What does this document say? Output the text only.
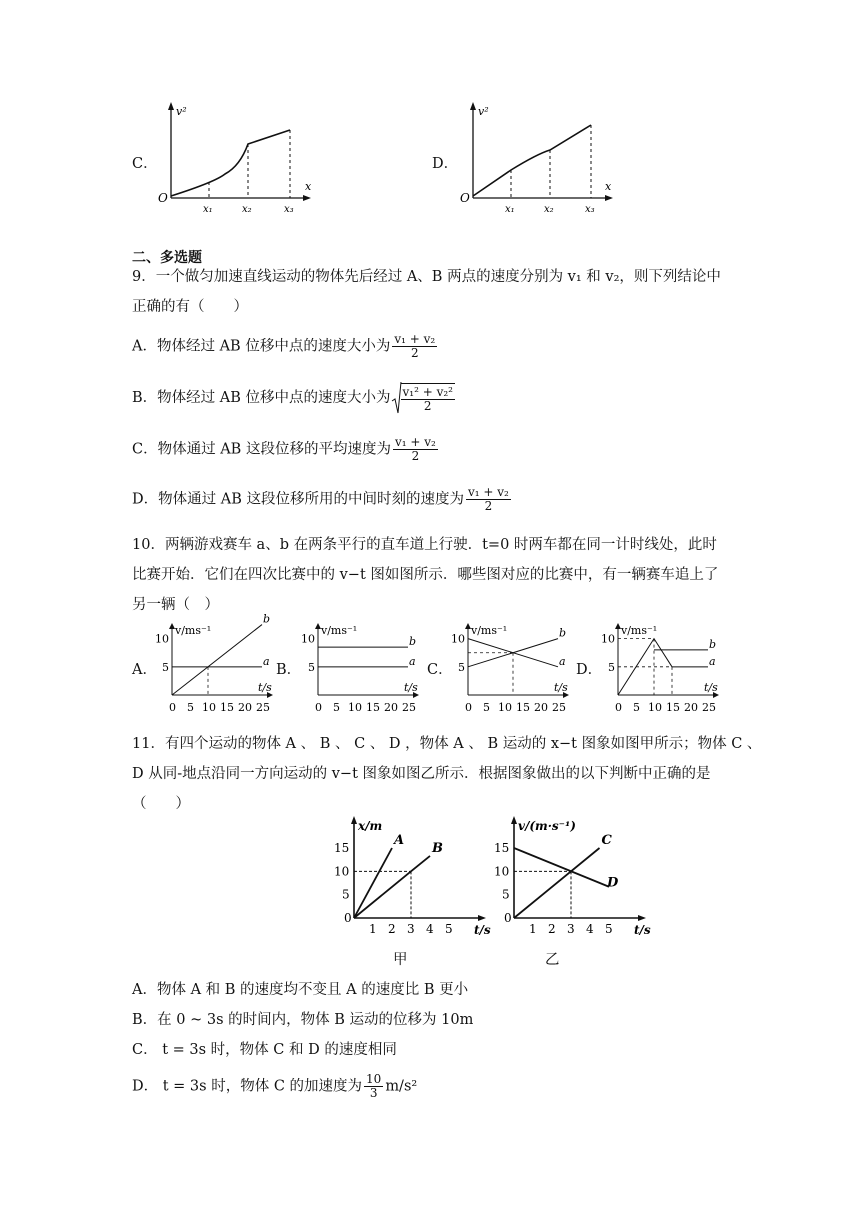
C．
v²
x
O
x₁	x₂	x₃
D．
v²
x
O
x₁	x₂	x₃
二、多选题
9．一个做匀加速直线运动的物体先后经过 A、B 两点的速度分别为 v₁ 和 v₂，则下列结论中
正确的有（　　）
A．物体经过 AB 位移中点的速度大小为 $\frac{\text{v₁ + v₂}}{2}$
B．物体经过 AB 位移中点的速度大小为 $\frac{\text{v₁² + v₂²}}{2}$
C．物体通过 AB 这段位移的平均速度为 $\frac{\text{v₁ + v₂}}{2}$
D．物体通过 AB 这段位移所用的中间时刻的速度为 $\frac{\text{v₁ + v₂}}{2}$
10．两辆游戏赛车 a、b 在两条平行的直车道上行驶．t=0 时两车都在同一计时线处，此时
比赛开始．它们在四次比赛中的 v−t 图如图所示．哪些图对应的比赛中，有一辆赛车追上了
另一辆（　）
A．	B．	C．	D．
v/ms⁻¹
t/s
0 5 10 15 20 25
5
10
a
b
v/ms⁻¹
t/s
0 5 10 15 20 25
5
10
a
b
v/ms⁻¹
t/s
0 5 10 15 20 25
5
10
a
b	v/ms⁻¹
t/s
0 5 10 15 20 25
5
10
a
b
11．有四个运动的物体 A 、 B 、 C 、 D ，物体 A 、 B 运动的 x−t 图象如图甲所示；物体 C 、
D 从同-地点沿同一方向运动的 v−t 图象如图乙所示．根据图象做出的以下判断中正确的是
（　　）
x/m
t/s
0
1 2 3 4 5
5
10
15	A
B
v/(m·s⁻¹)
t/s
0
1 2 3 4 5
5
10
15	C
D
甲	乙
A．物体 A 和 B 的速度均不变且 A 的速度比 B 更小
B．在 0 ~ 3s 的时间内，物体 B 运动的位移为 10m
C． t = 3s 时，物体 C 和 D 的速度相同
D． t = 3s 时，物体 C 的加速度为 $\frac{10}{3} m/s^2$
